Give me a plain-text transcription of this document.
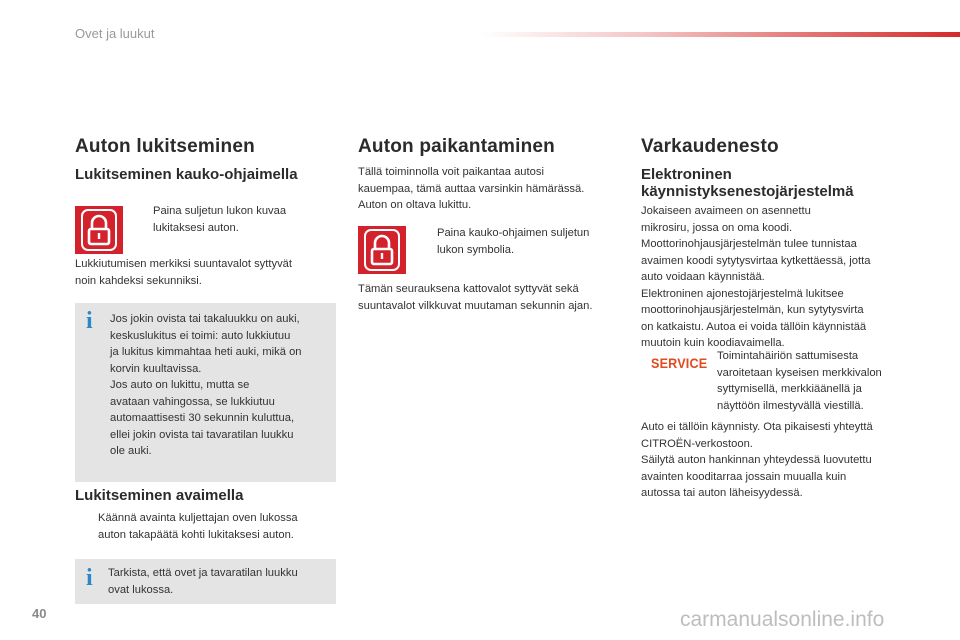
Ovet ja luukut
Auton lukitseminen
Lukitseminen kauko-ohjaimella

Paina suljetun lukon kuvaa

lukitaksesi auton.

Lukkiutumisen merkiksi suuntavalot syttyvät

noin kahdeksi sekunniksi.

i Jos jokin ovista tai takaluukku on auki,

keskuslukitus ei toimi: auto lukkiutuu

ja lukitus kimmahtaa heti auki, mikä on

korvin kuultavissa.

Jos auto on lukittu, mutta se

avataan vahingossa, se lukkiutuu

automaattisesti 30 sekunnin kuluttua,

ellei jokin ovista tai tavaratilan luukku

ole auki.

Lukitseminen avaimella

Käännä avainta kuljettajan oven lukossa

auton takapäätä kohti lukitaksesi auton.

i Tarkista, että ovet ja tavaratilan luukku

ovat lukossa.

Auton paikantaminen

Tällä toiminnolla voit paikantaa autosi

kauempaa, tämä auttaa varsinkin hämärässä.

Auton on oltava lukittu.

Paina kauko-ohjaimen suljetun

lukon symbolia.

Tämän seurauksena kattovalot syttyvät sekä

suuntavalot vilkkuvat muutaman sekunnin ajan.

Varkaudenesto
Elektroninen
käynnistyksenestojärjestelmä

Jokaiseen avaimeen on asennettu

mikrosiru, jossa on oma koodi.

Moottorinohjausjärjestelmän tulee tunnistaa

avaimen koodi sytytysvirtaa kytkettäessä, jotta

auto voidaan käynnistää.

Elektroninen ajonestojärjestelmä lukitsee

moottorinohjausjärjestelmän, kun sytytysvirta

on katkaistu. Autoa ei voida tällöin käynnistää

muutoin kuin koodiavaimella.

SERVICE Toimintahäiriön sattumisesta

varoitetaan kyseisen merkkivalon

syttymisellä, merkkiäänellä ja

näyttöön ilmestyvällä viestillä.

Auto ei tällöin käynnisty. Ota pikaisesti yhteyttä

CITROËN-verkostoon.

Säilytä auton hankinnan yhteydessä luovutettu

avainten kooditarraa jossain muualla kuin

autossa tai auton läheisyydessä.

40	carmanualsonline.info
